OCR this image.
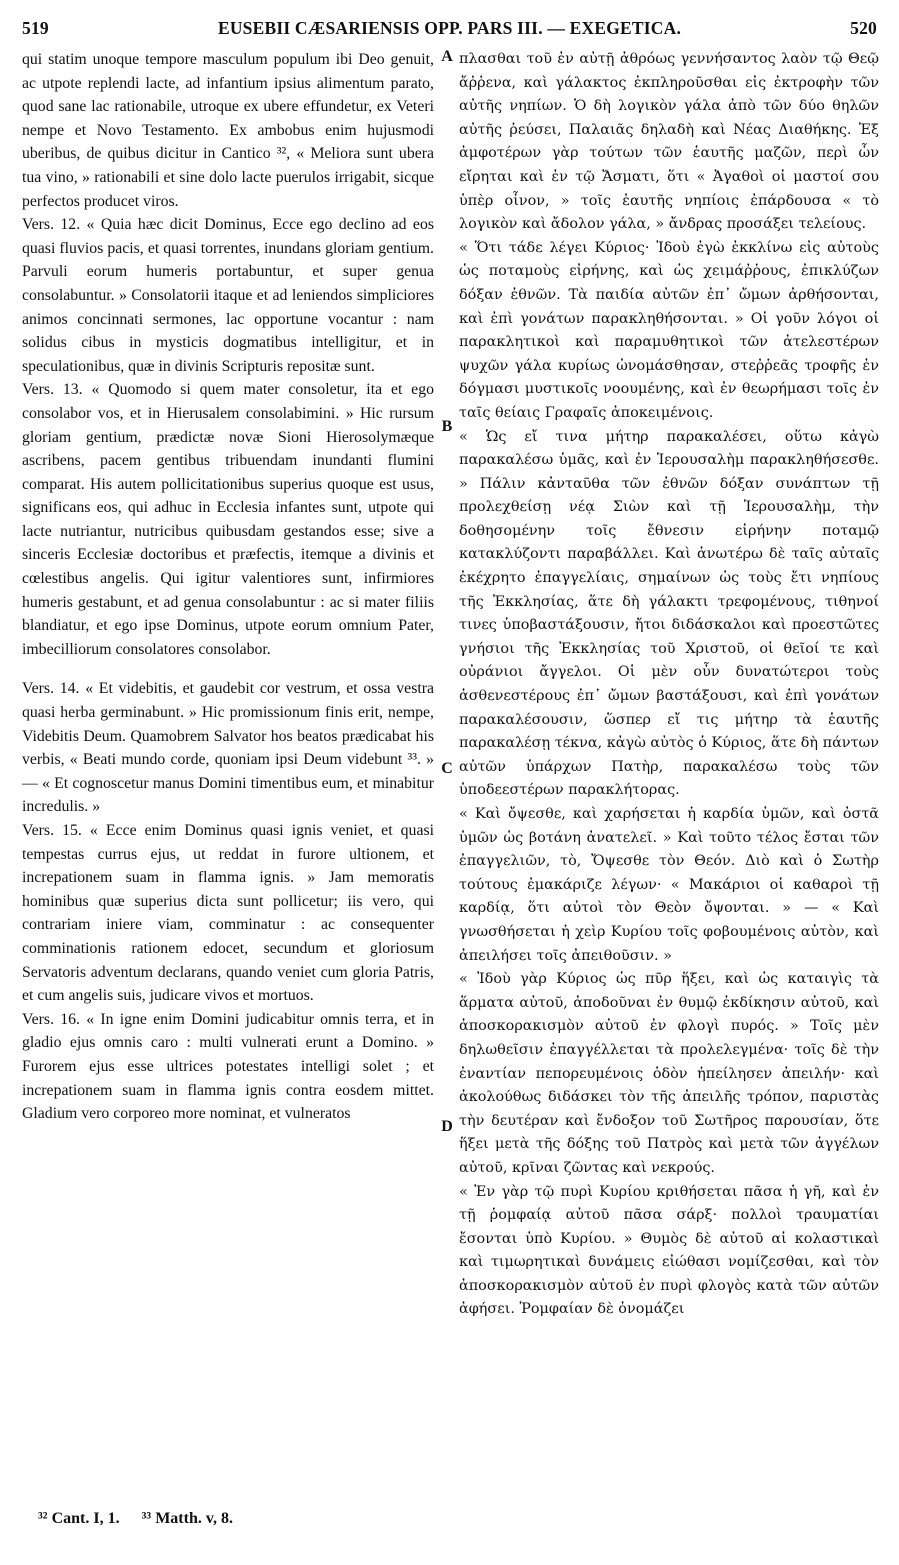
519	EUSEBII CÆSARIENSIS OPP. PARS III. — EXEGETICA.	520

qui statim unoque tempore masculum populum ibi Deo genuit, ac utpote replendi lacte, ad infantium ipsius alimentum parato, quod sane lac rationabile, utroque ex ubere effundetur, ex Veteri nempe et Novo Testamento. Ex ambobus enim hujusmodi uberibus, de quibus dicitur in Cantico ³², « Meliora sunt ubera tua vino, » rationabili et sine dolo lacte puerulos irrigabit, sicque perfectos producet viros.

Vers. 12. « Quia hæc dicit Dominus, Ecce ego declino ad eos quasi fluvios pacis, et quasi torrentes, inundans gloriam gentium. Parvuli eorum humeris portabuntur, et super genua consolabuntur. » Consolatorii itaque et ad leniendos simpliciores animos concinnati sermones, lac opportune vocantur : nam solidus cibus in mysticis dogmatibus intelligitur, et in speculationibus, quæ in divinis Scripturis repositæ sunt.

Vers. 13. « Quomodo si quem mater consoletur, ita et ego consolabor vos, et in Hierusalem consolabimini. » Hic rursum gloriam gentium, prædictæ novæ Sioni Hierosolymæque ascribens, pacem gentibus tribuendam inundanti flumini comparat. His autem pollicitationibus superius quoque est usus, significans eos, qui adhuc in Ecclesia infantes sunt, utpote qui lacte nutriantur, nutricibus quibusdam gestandos esse; sive a sinceris Ecclesiæ doctoribus et præfectis, itemque a divinis et cœlestibus angelis. Qui igitur valentiores sunt, infirmiores humeris gestabunt, et ad genua consolabuntur : ac si mater filiis blandiatur, et ego ipse Dominus, utpote eorum omnium Pater, imbecilliorum consolatores consolabor.

Vers. 14. « Et videbitis, et gaudebit cor vestrum, et ossa vestra quasi herba germinabunt. » Hic promissionum finis erit, nempe, Videbitis Deum. Quamobrem Salvator hos beatos prædicabat his verbis, « Beati mundo corde, quoniam ipsi Deum videbunt ³³. » — « Et cognoscetur manus Domini timentibus eum, et minabitur incredulis. »

Vers. 15. « Ecce enim Dominus quasi ignis veniet, et quasi tempestas currus ejus, ut reddat in furore ultionem, et increpationem suam in flamma ignis. » Jam memoratis hominibus quæ superius dicta sunt pollicetur; iis vero, qui contrariam iniere viam, comminatur : ac consequenter comminationis rationem edocet, secundum et gloriosum Servatoris adventum declarans, quando veniet cum gloria Patris, et cum angelis suis, judicare vivos et mortuos.

Vers. 16. « In igne enim Domini judicabitur omnis terra, et in gladio ejus omnis caro : multi vulnerati erunt a Domino. » Furorem ejus esse ultrices potestates intelligi solet ; et increpationem suam in flamma ignis contra eosdem mittet. Gladium vero corporeo more nominat, et vulneratos

A
B
C
D

πλασθαι τοῦ ἐν αὐτῇ ἀθρόως γεννήσαντος λαὸν τῷ Θεῷ ἄῤῥενα, καὶ γάλακτος ἐκπληροῦσθαι εἰς ἐκτροφὴν τῶν αὐτῆς νηπίων. Ὁ δὴ λογικὸν γάλα ἀπὸ τῶν δύο θηλῶν αὐτῆς ῥεύσει, Παλαιᾶς δηλαδὴ καὶ Νέας Διαθήκης. Ἐξ ἀμφοτέρων γὰρ τούτων τῶν ἑαυτῆς μαζῶν, περὶ ὧν εἴρηται καὶ ἐν τῷ Ἄσματι, ὅτι « Ἀγαθοὶ οἱ μαστοί σου ὑπὲρ οἶνον, » τοῖς ἑαυτῆς νηπίοις ἐπάρδουσα « τὸ λογικὸν καὶ ἄδολον γάλα, » ἄνδρας προσάξει τελείους.

« Ὅτι τάδε λέγει Κύριος· Ἰδοὺ ἐγὼ ἐκκλίνω εἰς αὐτοὺς ὡς ποταμοὺς εἰρήνης, καὶ ὡς χειμάῤῥους, ἐπικλύζων δόξαν ἐθνῶν. Τὰ παιδία αὐτῶν ἐπ᾽ ὤμων ἀρθήσονται, καὶ ἐπὶ γονάτων παρακληθήσονται. » Οἱ γοῦν λόγοι οἱ παρακλητικοὶ καὶ παραμυθητικοὶ τῶν ἀτελεστέρων ψυχῶν γάλα κυρίως ὠνομάσθησαν, στεῤῥεᾶς τροφῆς ἐν δόγμασι μυστικοῖς νοουμένης, καὶ ἐν θεωρήμασι τοῖς ἐν ταῖς θείαις Γραφαῖς ἀποκειμένοις.

« Ὡς εἴ τινα μήτηρ παρακαλέσει, οὕτω κἀγὼ παρακαλέσω ὑμᾶς, καὶ ἐν Ἱερουσαλὴμ παρακληθήσεσθε. » Πάλιν κἀνταῦθα τῶν ἐθνῶν δόξαν συνάπτων τῇ προλεχθείσῃ νέᾳ Σιὼν καὶ τῇ Ἱερουσαλὴμ, τὴν δοθησομένην τοῖς ἔθνεσιν εἰρήνην ποταμῷ κατακλύζοντι παραβάλλει. Καὶ ἀνωτέρω δὲ ταῖς αὐταῖς ἐκέχρητο ἐπαγγελίαις, σημαίνων ὡς τοὺς ἔτι νηπίους τῆς Ἐκκλησίας, ἅτε δὴ γάλακτι τρεφομένους, τιθηνοί τινες ὑποβαστάξουσιν, ἤτοι διδάσκαλοι καὶ προεστῶτες γνήσιοι τῆς Ἐκκλησίας τοῦ Χριστοῦ, οἱ θεῖοί τε καὶ οὐράνιοι ἄγγελοι. Οἱ μὲν οὖν δυνατώτεροι τοὺς ἀσθενεστέρους ἐπ᾽ ὤμων βαστάξουσι, καὶ ἐπὶ γονάτων παρακαλέσουσιν, ὥσπερ εἴ τις μήτηρ τὰ ἑαυτῆς παρακαλέσῃ τέκνα, κἀγὼ αὐτὸς ὁ Κύριος, ἅτε δὴ πάντων αὐτῶν ὑπάρχων Πατὴρ, παρακαλέσω τοὺς τῶν ὑποδεεστέρων παρακλήτορας.

« Καὶ ὄψεσθε, καὶ χαρήσεται ἡ καρδία ὑμῶν, καὶ ὀστᾶ ὑμῶν ὡς βοτάνη ἀνατελεῖ. » Καὶ τοῦτο τέλος ἔσται τῶν ἐπαγγελιῶν, τὸ, Ὄψεσθε τὸν Θεόν. Διὸ καὶ ὁ Σωτὴρ τούτους ἐμακάριζε λέγων· « Μακάριοι οἱ καθαροὶ τῇ καρδίᾳ, ὅτι αὐτοὶ τὸν Θεὸν ὄψονται. » — « Καὶ γνωσθήσεται ἡ χεὶρ Κυρίου τοῖς φοβουμένοις αὐτὸν, καὶ ἀπειλήσει τοῖς ἀπειθοῦσιν. »

« Ἰδοὺ γὰρ Κύριος ὡς πῦρ ἥξει, καὶ ὡς καταιγὶς τὰ ἅρματα αὐτοῦ, ἀποδοῦναι ἐν θυμῷ ἐκδίκησιν αὐτοῦ, καὶ ἀποσκορακισμὸν αὐτοῦ ἐν φλογὶ πυρός. » Τοῖς μὲν δηλωθεῖσιν ἐπαγγέλλεται τὰ προλελεγμένα· τοῖς δὲ τὴν ἐναντίαν πεπορευμένοις ὁδὸν ἠπείλησεν ἀπειλήν· καὶ ἀκολούθως διδάσκει τὸν τῆς ἀπειλῆς τρόπον, παριστὰς τὴν δευτέραν καὶ ἔνδοξον τοῦ Σωτῆρος παρουσίαν, ὅτε ἥξει μετὰ τῆς δόξης τοῦ Πατρὸς καὶ μετὰ τῶν ἀγγέλων αὐτοῦ, κρῖναι ζῶντας καὶ νεκρούς.

« Ἐν γὰρ τῷ πυρὶ Κυρίου κριθήσεται πᾶσα ἡ γῆ, καὶ ἐν τῇ ῥομφαίᾳ αὐτοῦ πᾶσα σάρξ· πολλοὶ τραυματίαι ἔσονται ὑπὸ Κυρίου. » Θυμὸς δὲ αὐτοῦ αἱ κολαστικαὶ καὶ τιμωρητικαὶ δυνάμεις εἰώθασι νομίζεσθαι, καὶ τὸν ἀποσκορακισμὸν αὐτοῦ ἐν πυρὶ φλογὸς κατὰ τῶν αὐτῶν ἀφήσει. Ῥομφαίαν δὲ ὀνομάζει

³² Cant. I, 1. ³³ Matth. v, 8.
